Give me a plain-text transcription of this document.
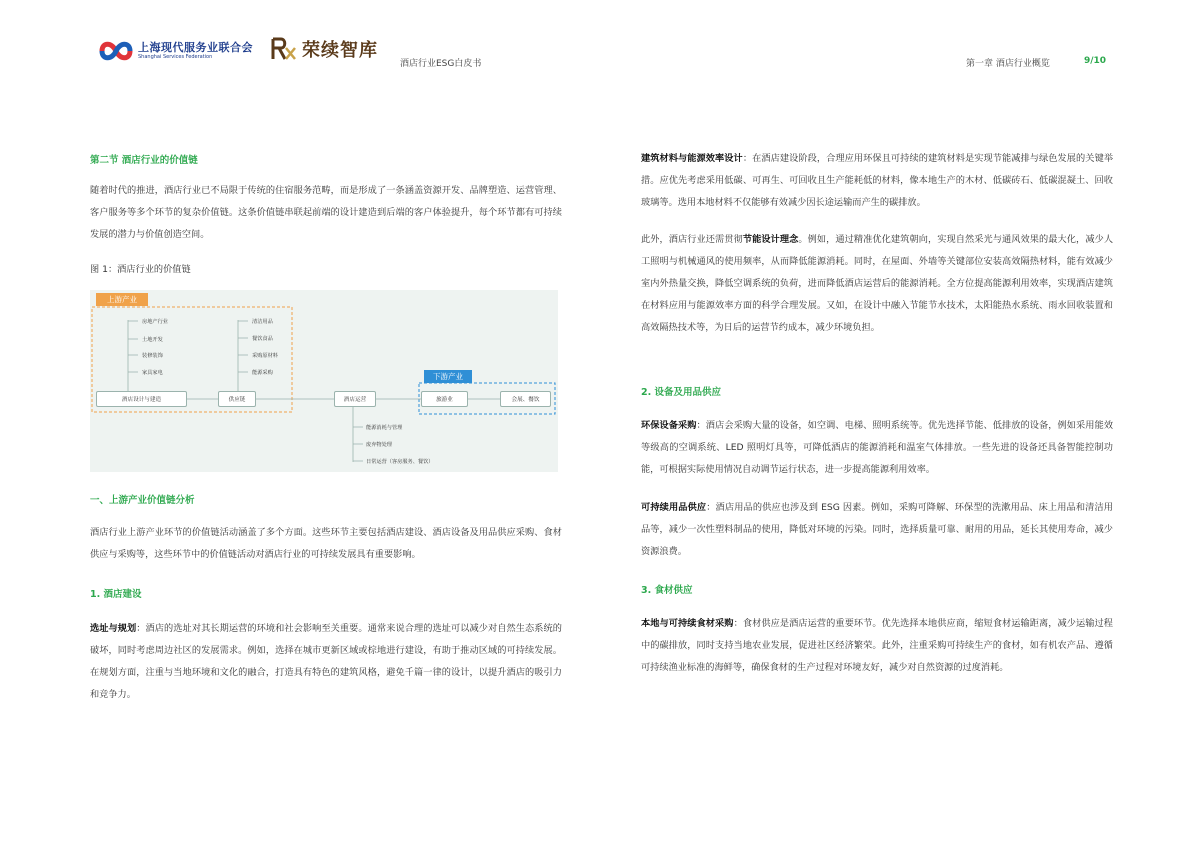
上海现代服务业联合会
Shanghai Services Federation	荣续智库
酒店行业ESG白皮书	第一章 酒店行业概览	9/10
第二节 酒店行业的价值链
随着时代的推进，酒店行业已不局限于传统的住宿服务范畴，而是形成了一条涵盖资源开发、品牌塑造、运营管理、客户服务等多个环节的复杂价值链。这条价值链串联起前端的设计建造到后端的客户体验提升，每个环节都有可持续发展的潜力与价值创造空间。
图 1：酒店行业的价值链
一、上游产业价值链分析
酒店行业上游产业环节的价值链活动涵盖了多个方面。这些环节主要包括酒店建设、酒店设备及用品供应采购、食材供应与采购等，这些环节中的价值链活动对酒店行业的可持续发展具有重要影响。
1. 酒店建设
选址与规划：酒店的选址对其长期运营的环境和社会影响至关重要。通常来说合理的选址可以减少对自然生态系统的破坏，同时考虑周边社区的发展需求。例如，选择在城市更新区域或棕地进行建设，有助于推动区域的可持续发展。在规划方面，注重与当地环境和文化的融合，打造具有特色的建筑风格，避免千篇一律的设计，以提升酒店的吸引力和竞争力。
上游产业
下游产业
房地产行业
土地开发
装修装饰
家具家电
清洁用品
餐饮食品
采购原材料
能源采购
酒店设计与建造	供应链	酒店运营	旅游业	会展、餐饮
能源消耗与管理
废弃物处理
日常运营（客房服务、餐饮）
建筑材料与能源效率设计：在酒店建设阶段，合理应用环保且可持续的建筑材料是实现节能减排与绿色发展的关键举措。应优先考虑采用低碳、可再生、可回收且生产能耗低的材料，像本地生产的木材、低碳砖石、低碳混凝土、回收玻璃等。选用本地材料不仅能够有效减少因长途运输而产生的碳排放。
此外，酒店行业还需贯彻节能设计理念。例如，通过精准优化建筑朝向，实现自然采光与通风效果的最大化，减少人工照明与机械通风的使用频率，从而降低能源消耗。同时，在屋面、外墙等关键部位安装高效隔热材料，能有效减少室内外热量交换，降低空调系统的负荷，进而降低酒店运营后的能源消耗。全方位提高能源利用效率，实现酒店建筑在材料应用与能源效率方面的科学合理发展。又如，在设计中融入节能节水技术，太阳能热水系统、雨水回收装置和高效隔热技术等，为日后的运营节约成本，减少环境负担。
2. 设备及用品供应
环保设备采购：酒店会采购大量的设备，如空调、电梯、照明系统等。优先选择节能、低排放的设备，例如采用能效等级高的空调系统、LED 照明灯具等，可降低酒店的能源消耗和温室气体排放。一些先进的设备还具备智能控制功能，可根据实际使用情况自动调节运行状态，进一步提高能源利用效率。
可持续用品供应：酒店用品的供应也涉及到 ESG 因素。例如，采购可降解、环保型的洗漱用品、床上用品和清洁用品等，减少一次性塑料制品的使用，降低对环境的污染。同时，选择质量可靠、耐用的用品，延长其使用寿命，减少资源浪费。
3. 食材供应
本地与可持续食材采购：食材供应是酒店运营的重要环节。优先选择本地供应商，缩短食材运输距离，减少运输过程中的碳排放，同时支持当地农业发展，促进社区经济繁荣。此外，注重采购可持续生产的食材，如有机农产品、遵循可持续渔业标准的海鲜等，确保食材的生产过程对环境友好，减少对自然资源的过度消耗。
